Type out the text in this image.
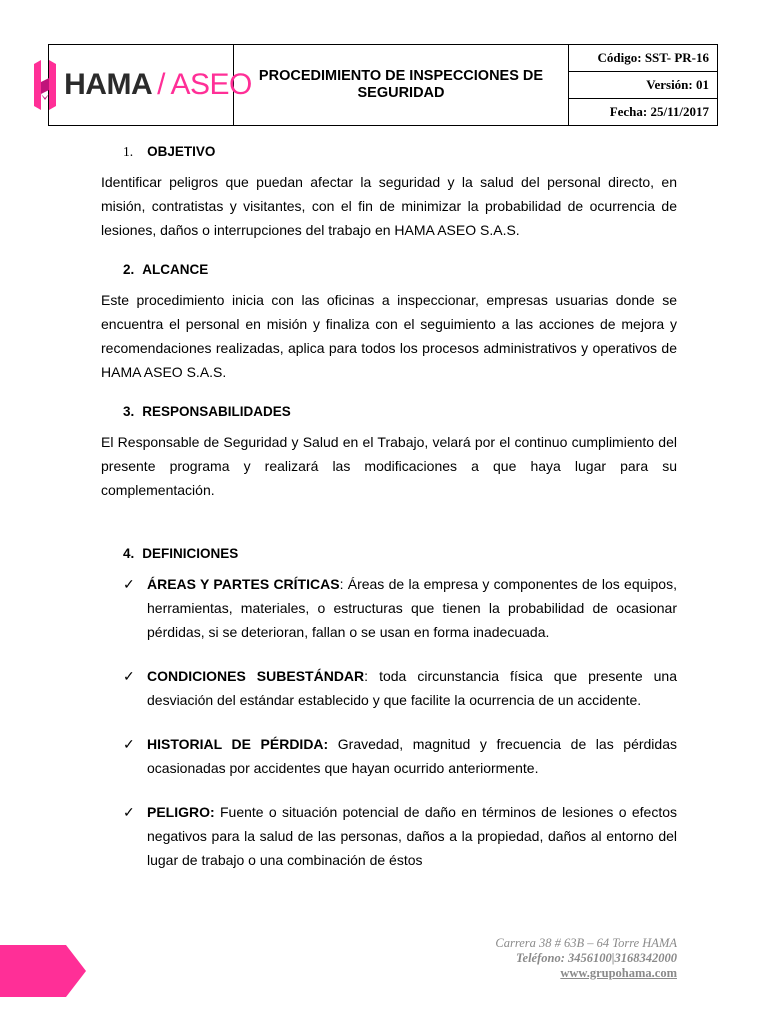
HAMA / ASEO PROCEDIMIENTO DE INSPECCIONES DE SEGURIDAD
Código: SST- PR-16
Versión: 01
Fecha: 25/11/2017
1. OBJETIVO

Identificar peligros que puedan afectar la seguridad y la salud del personal directo, en misión, contratistas y visitantes, con el fin de minimizar la probabilidad de ocurrencia de lesiones, daños o interrupciones del trabajo en HAMA ASEO S.A.S.

2. ALCANCE

Este procedimiento inicia con las oficinas a inspeccionar, empresas usuarias donde se encuentra el personal en misión y finaliza con el seguimiento a las acciones de mejora y recomendaciones realizadas, aplica para todos los procesos administrativos y operativos de HAMA ASEO S.A.S.

3. RESPONSABILIDADES

El Responsable de Seguridad y Salud en el Trabajo, velará por el continuo cumplimiento del presente programa y realizará las modificaciones a que haya lugar para su complementación.

4. DEFINICIONES
✓ ÁREAS Y PARTES CRÍTICAS: Áreas de la empresa y componentes de los equipos, herramientas, materiales, o estructuras que tienen la probabilidad de ocasionar pérdidas, si se deterioran, fallan o se usan en forma inadecuada.
✓ CONDICIONES SUBESTÁNDAR: toda circunstancia física que presente una desviación del estándar establecido y que facilite la ocurrencia de un accidente.
✓ HISTORIAL DE PÉRDIDA: Gravedad, magnitud y frecuencia de las pérdidas ocasionadas por accidentes que hayan ocurrido anteriormente.
✓ PELIGRO: Fuente o situación potencial de daño en términos de lesiones o efectos negativos para la salud de las personas, daños a la propiedad, daños al entorno del lugar de trabajo o una combinación de éstos
Carrera 38 # 63B – 64 Torre HAMA
Teléfono: 3456100|3168342000
www.grupohama.com
